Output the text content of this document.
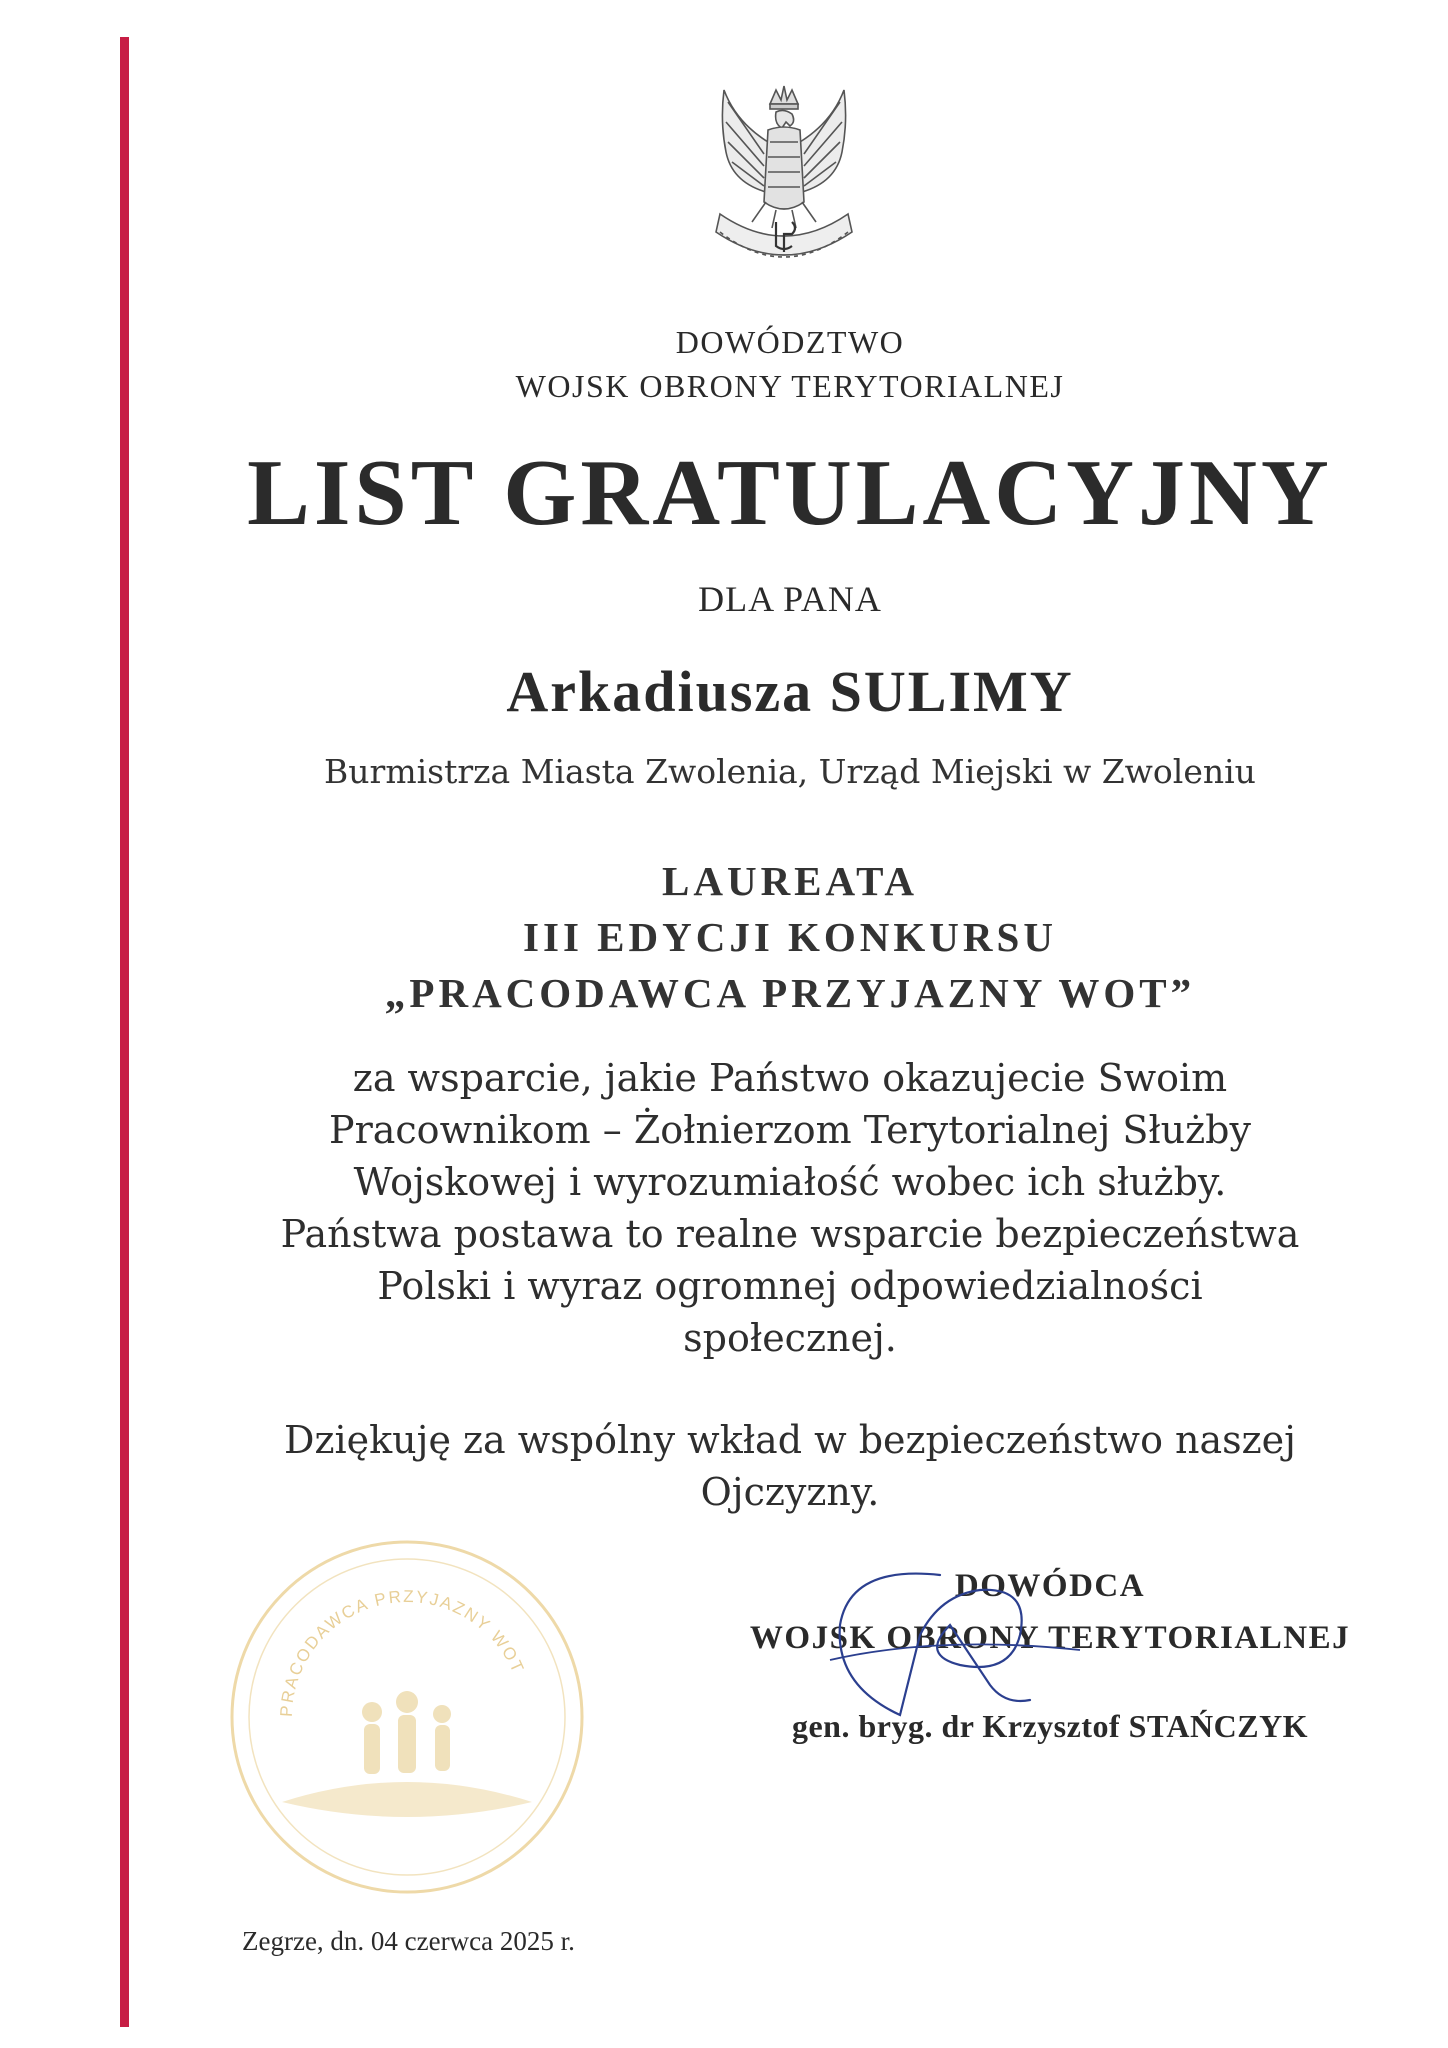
DOWÓDZTWO
WOJSK OBRONY TERYTORIALNEJ
LIST GRATULACYJNY
DLA PANA
Arkadiusza SULIMY
Burmistrza Miasta Zwolenia, Urząd Miejski w Zwoleniu
LAUREATA
III EDYCJI KONKURSU
„PRACODAWCA PRZYJAZNY WOT”
za wsparcie, jakie Państwo okazujecie Swoim
Pracownikom – Żołnierzom Terytorialnej Służby
Wojskowej i wyrozumiałość wobec ich służby.
Państwa postawa to realne wsparcie bezpieczeństwa
Polski i wyraz ogromnej odpowiedzialności
społecznej.
Dziękuję za wspólny wkład w bezpieczeństwo naszej
Ojczyzny.
PRACODAWCA PRZYJAZNY WOT
DOWÓDCA
WOJSK OBRONY TERYTORIALNEJ
gen. bryg. dr Krzysztof STAŃCZYK
Zegrze, dn. 04 czerwca 2025 r.
